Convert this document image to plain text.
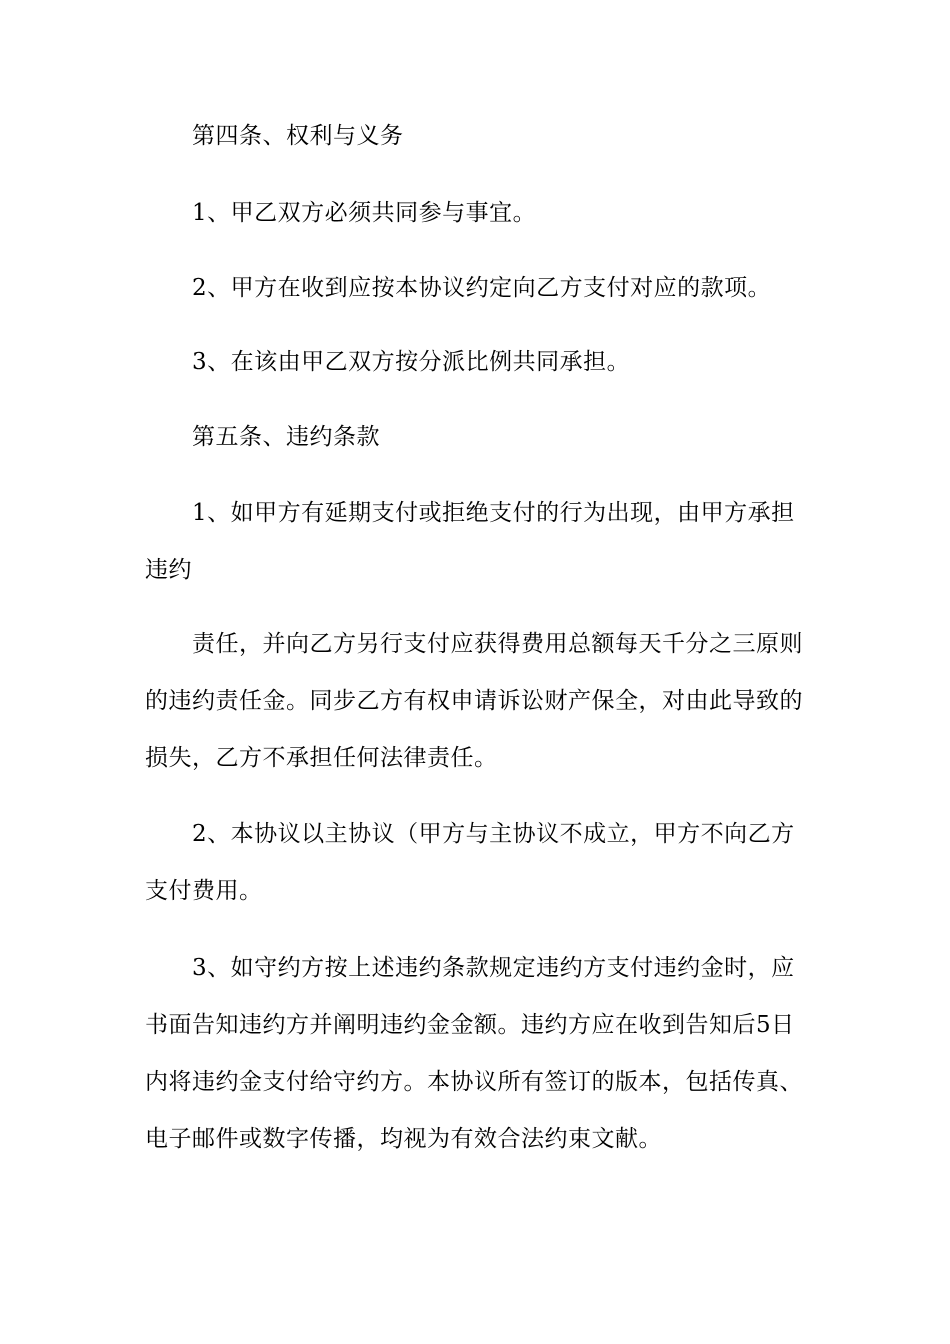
第四条、权利与义务

1、甲乙双方必须共同参与事宜。

2、甲方在收到应按本协议约定向乙方支付对应的款项。

3、在该由甲乙双方按分派比例共同承担。

第五条、违约条款

1、如甲方有延期支付或拒绝支付的行为出现，由甲方承担违约

责任，并向乙方另行支付应获得费用总额每天千分之三原则的违约责任金。同步乙方有权申请诉讼财产保全，对由此导致的损失，乙方不承担任何法律责任。

2、本协议以主协议（甲方与主协议不成立，甲方不向乙方支付费用。

3、如守约方按上述违约条款规定违约方支付违约金时，应书面告知违约方并阐明违约金金额。违约方应在收到告知后5日内将违约金支付给守约方。本协议所有签订的版本，包括传真、电子邮件或数字传播，均视为有效合法约束文献。
